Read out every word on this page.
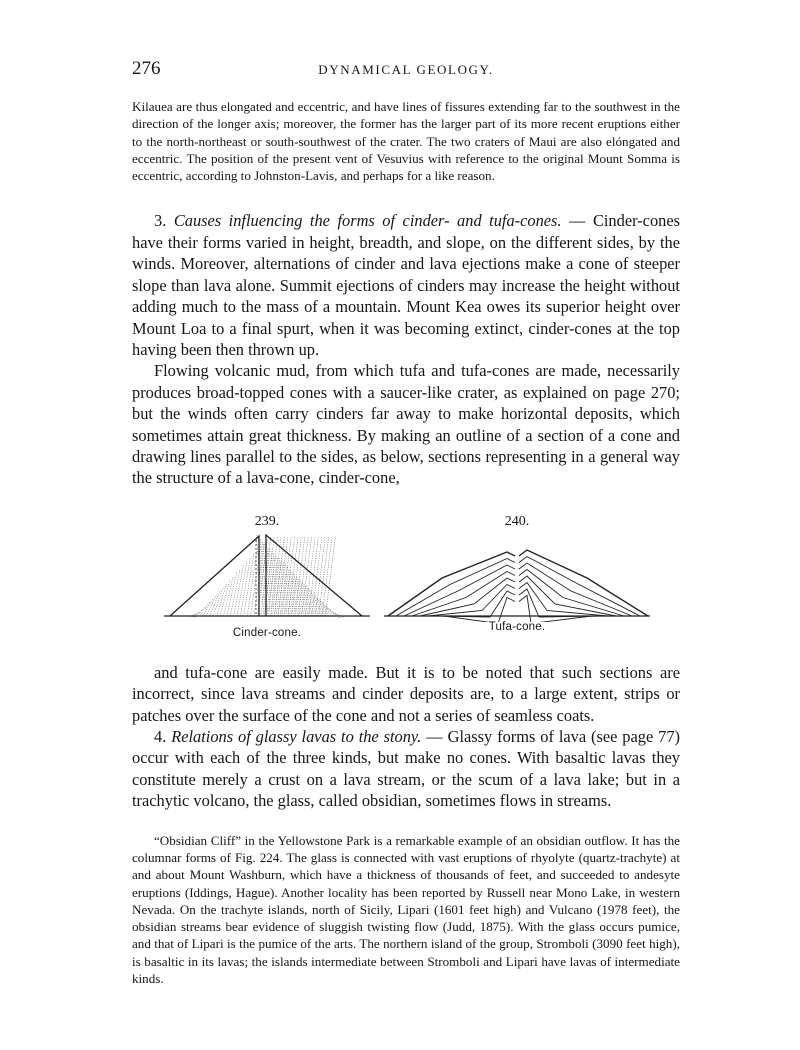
276	DYNAMICAL GEOLOGY.

Kilauea are thus elongated and eccentric, and have lines of fissures extending far to the southwest in the direction of the longer axis; moreover, the former has the larger part of its more recent eruptions either to the north-northeast or south-southwest of the crater. The two craters of Maui are also elóngated and eccentric. The position of the present vent of Vesuvius with reference to the original Mount Somma is eccentric, according to Johnston-Lavis, and perhaps for a like reason.

3. Causes influencing the forms of cinder- and tufa-cones. — Cinder-cones have their forms varied in height, breadth, and slope, on the different sides, by the winds. Moreover, alternations of cinder and lava ejections make a cone of steeper slope than lava alone. Summit ejections of cinders may increase the height without adding much to the mass of a mountain. Mount Kea owes its superior height over Mount Loa to a final spurt, when it was becoming extinct, cinder-cones at the top having been then thrown up.

Flowing volcanic mud, from which tufa and tufa-cones are made, necessarily produces broad-topped cones with a saucer-like crater, as explained on page 270; but the winds often carry cinders far away to make horizontal deposits, which sometimes attain great thickness. By making an outline of a section of a cone and drawing lines parallel to the sides, as below, sections representing in a general way the structure of a lava-cone, cinder-cone,

239.
Cinder-cone.
240.
Tufa-cone.

and tufa-cone are easily made. But it is to be noted that such sections are incorrect, since lava streams and cinder deposits are, to a large extent, strips or patches over the surface of the cone and not a series of seamless coats.

4. Relations of glassy lavas to the stony. — Glassy forms of lava (see page 77) occur with each of the three kinds, but make no cones. With basaltic lavas they constitute merely a crust on a lava stream, or the scum of a lava lake; but in a trachytic volcano, the glass, called obsidian, sometimes flows in streams.

“Obsidian Cliff” in the Yellowstone Park is a remarkable example of an obsidian outflow. It has the columnar forms of Fig. 224. The glass is connected with vast eruptions of rhyolyte (quartz-trachyte) at and about Mount Washburn, which have a thickness of thousands of feet, and succeeded to andesyte eruptions (Iddings, Hague). Another locality has been reported by Russell near Mono Lake, in western Nevada. On the trachyte islands, north of Sicily, Lipari (1601 feet high) and Vulcano (1978 feet), the obsidian streams bear evidence of sluggish twisting flow (Judd, 1875). With the glass occurs pumice, and that of Lipari is the pumice of the arts. The northern island of the group, Stromboli (3090 feet high), is basaltic in its lavas; the islands intermediate between Stromboli and Lipari have lavas of intermediate kinds.
